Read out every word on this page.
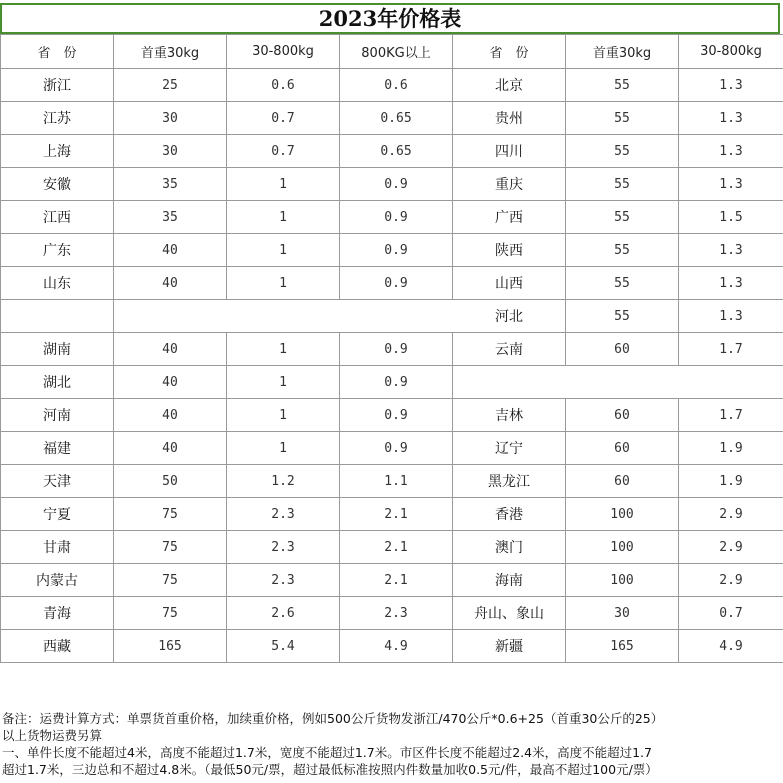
2023年价格表
省　份	首重30kg	30-800kg	800KG以上	省　份	首重30kg	30-800kg
浙江	25	0.6	0.6	北京	55	1.3
江苏	30	0.7	0.65	贵州	55	1.3
上海	30	0.7	0.65	四川	55	1.3
安徽	35	1	0.9	重庆	55	1.3
江西	35	1	0.9	广西	55	1.5
广东	40	1	0.9	陕西	55	1.3
山东	40	1	0.9	山西	55	1.3
				河北	55	1.3
湖南	40	1	0.9	云南	60	1.7
湖北	40	1	0.9			
河南	40	1	0.9	吉林	60	1.7
福建	40	1	0.9	辽宁	60	1.9
天津	50	1.2	1.1	黑龙江	60	1.9
宁夏	75	2.3	2.1	香港	100	2.9
甘肃	75	2.3	2.1	澳门	100	2.9
内蒙古	75	2.3	2.1	海南	100	2.9
青海	75	2.6	2.3	舟山、象山	30	0.7
西藏	165	5.4	4.9	新疆	165	4.9
备注：运费计算方式：单票货首重价格，加续重价格，例如500公斤货物发浙江/470公斤*0.6+25（首重30公斤的25）
以上货物运费另算
一、单件长度不能超过4米，高度不能超过1.7米，宽度不能超过1.7米。市区件长度不能超过2.4米，高度不能超过1.7
超过1.7米，三边总和不超过4.8米。（最低50元/票，超过最低标准按照内件数量加收0.5元/件，最高不超过100元/票）
